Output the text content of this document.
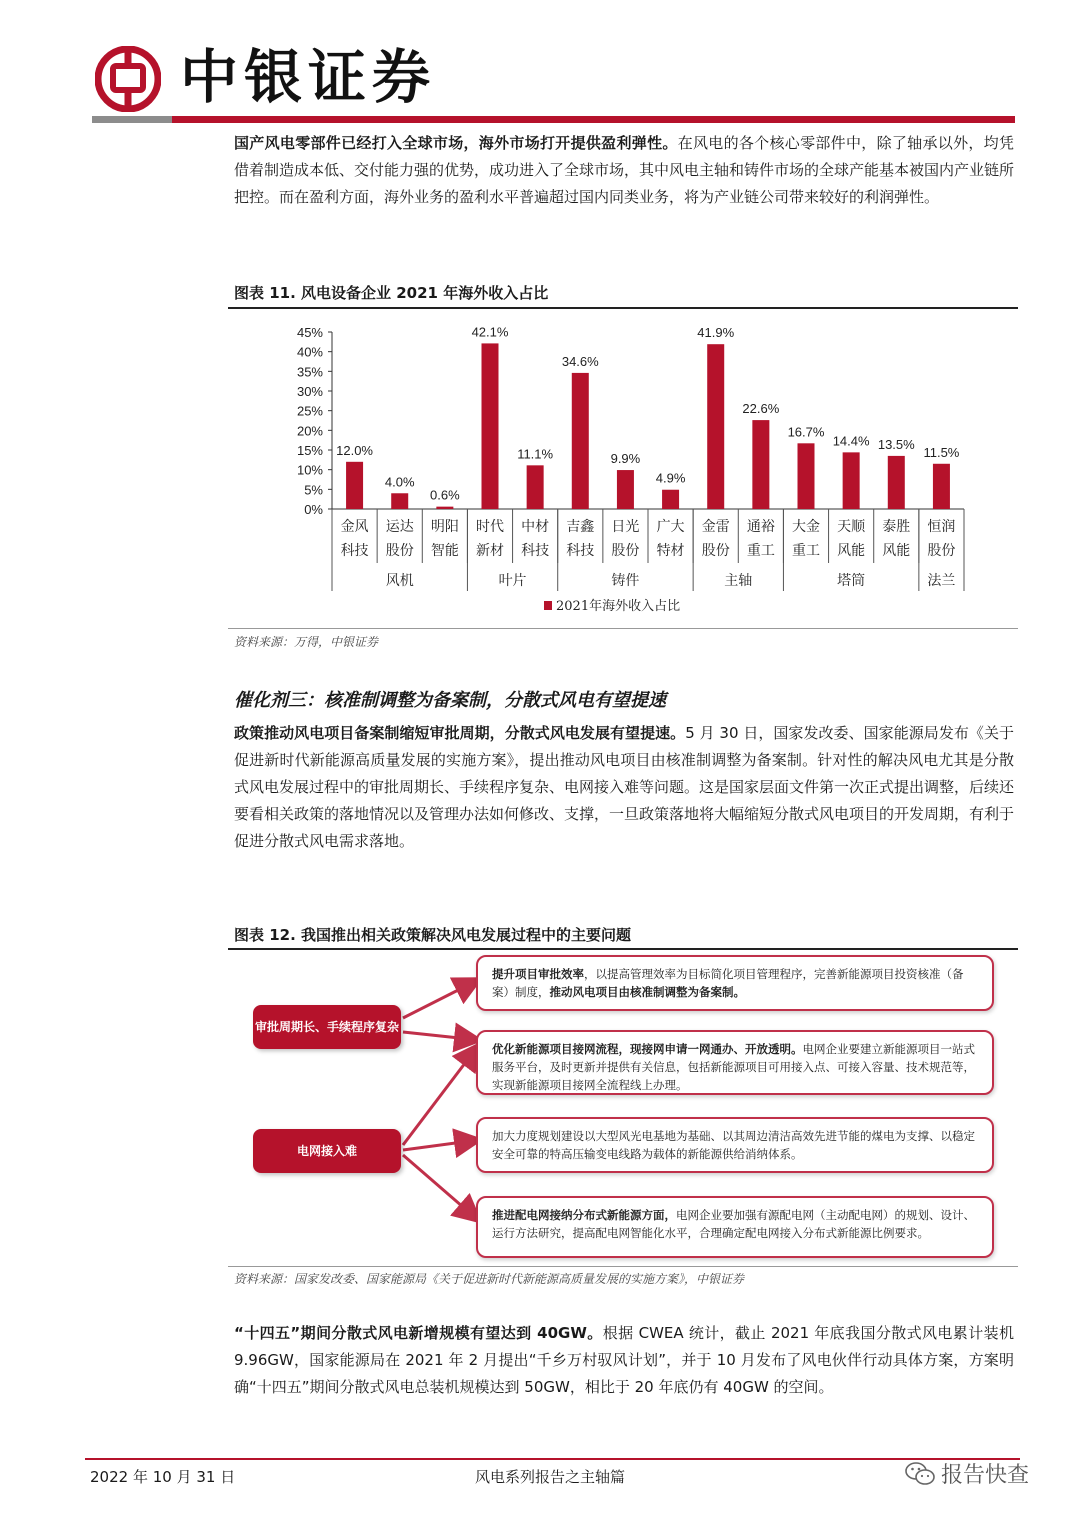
中银证券
国产风电零部件已经打入全球市场，海外市场打开提供盈利弹性。在风电的各个核心零部件中，除了轴承以外，均凭借着制造成本低、交付能力强的优势，成功进入了全球市场，其中风电主轴和铸件市场的全球产能基本被国内产业链所把控。而在盈利方面，海外业务的盈利水平普遍超过国内同类业务，将为产业链公司带来较好的利润弹性。
图表 11. 风电设备企业 2021 年海外收入占比
0%
5%
10%
15%
20%
25%
30%
35%
40%
45%
12.0%
金风
科技
4.0%
运达
股份
0.6%
明阳
智能
42.1%
时代
新材
11.1%
中材
科技
34.6%
吉鑫
科技
9.9%
日光
股份
4.9%
广大
特材
41.9%
金雷
股份
22.6%
通裕
重工
16.7%
大金
重工
14.4%
天顺
风能
13.5%
泰胜
风能
11.5%
恒润
股份
风机	叶片	铸件	主轴	塔筒	法兰
2021年海外收入占比
资料来源：万得，中银证券
催化剂三：核准制调整为备案制，分散式风电有望提速
政策推动风电项目备案制缩短审批周期，分散式风电发展有望提速。5 月 30 日，国家发改委、国家能源局发布《关于促进新时代新能源高质量发展的实施方案》，提出推动风电项目由核准制调整为备案制。针对性的解决风电尤其是分散式风电发展过程中的审批周期长、手续程序复杂、电网接入难等问题。这是国家层面文件第一次正式提出调整，后续还要看相关政策的落地情况以及管理办法如何修改、支撑，一旦政策落地将大幅缩短分散式风电项目的开发周期，有利于促进分散式风电需求落地。
图表 12. 我国推出相关政策解决风电发展过程中的主要问题
审批周期长、手续程序复杂
电网接入难
提升项目审批效率，以提高管理效率为目标简化项目管理程序，完善新能源项目投资核准（备案）制度，推动风电项目由核准制调整为备案制。
优化新能源项目接网流程，现接网申请一网通办、开放透明。电网企业要建立新能源项目一站式服务平台，及时更新并提供有关信息，包括新能源项目可用接入点、可接入容量、技术规范等，实现新能源项目接网全流程线上办理。
加大力度规划建设以大型风光电基地为基础、以其周边清洁高效先进节能的煤电为支撑、以稳定安全可靠的特高压输变电线路为载体的新能源供给消纳体系。
推进配电网接纳分布式新能源方面，电网企业要加强有源配电网（主动配电网）的规划、设计、运行方法研究，提高配电网智能化水平，合理确定配电网接入分布式新能源比例要求。
资料来源：国家发改委、国家能源局《关于促进新时代新能源高质量发展的实施方案》，中银证券
“十四五”期间分散式风电新增规模有望达到 40GW。根据 CWEA 统计，截止 2021 年底我国分散式风电累计装机 9.96GW，国家能源局在 2021 年 2 月提出“千乡万村驭风计划”，并于 10 月发布了风电伙伴行动具体方案，方案明确“十四五”期间分散式风电总装机规模达到 50GW，相比于 20 年底仍有 40GW 的空间。
2022 年 10 月 31 日	风电系列报告之主轴篇	报告快查
